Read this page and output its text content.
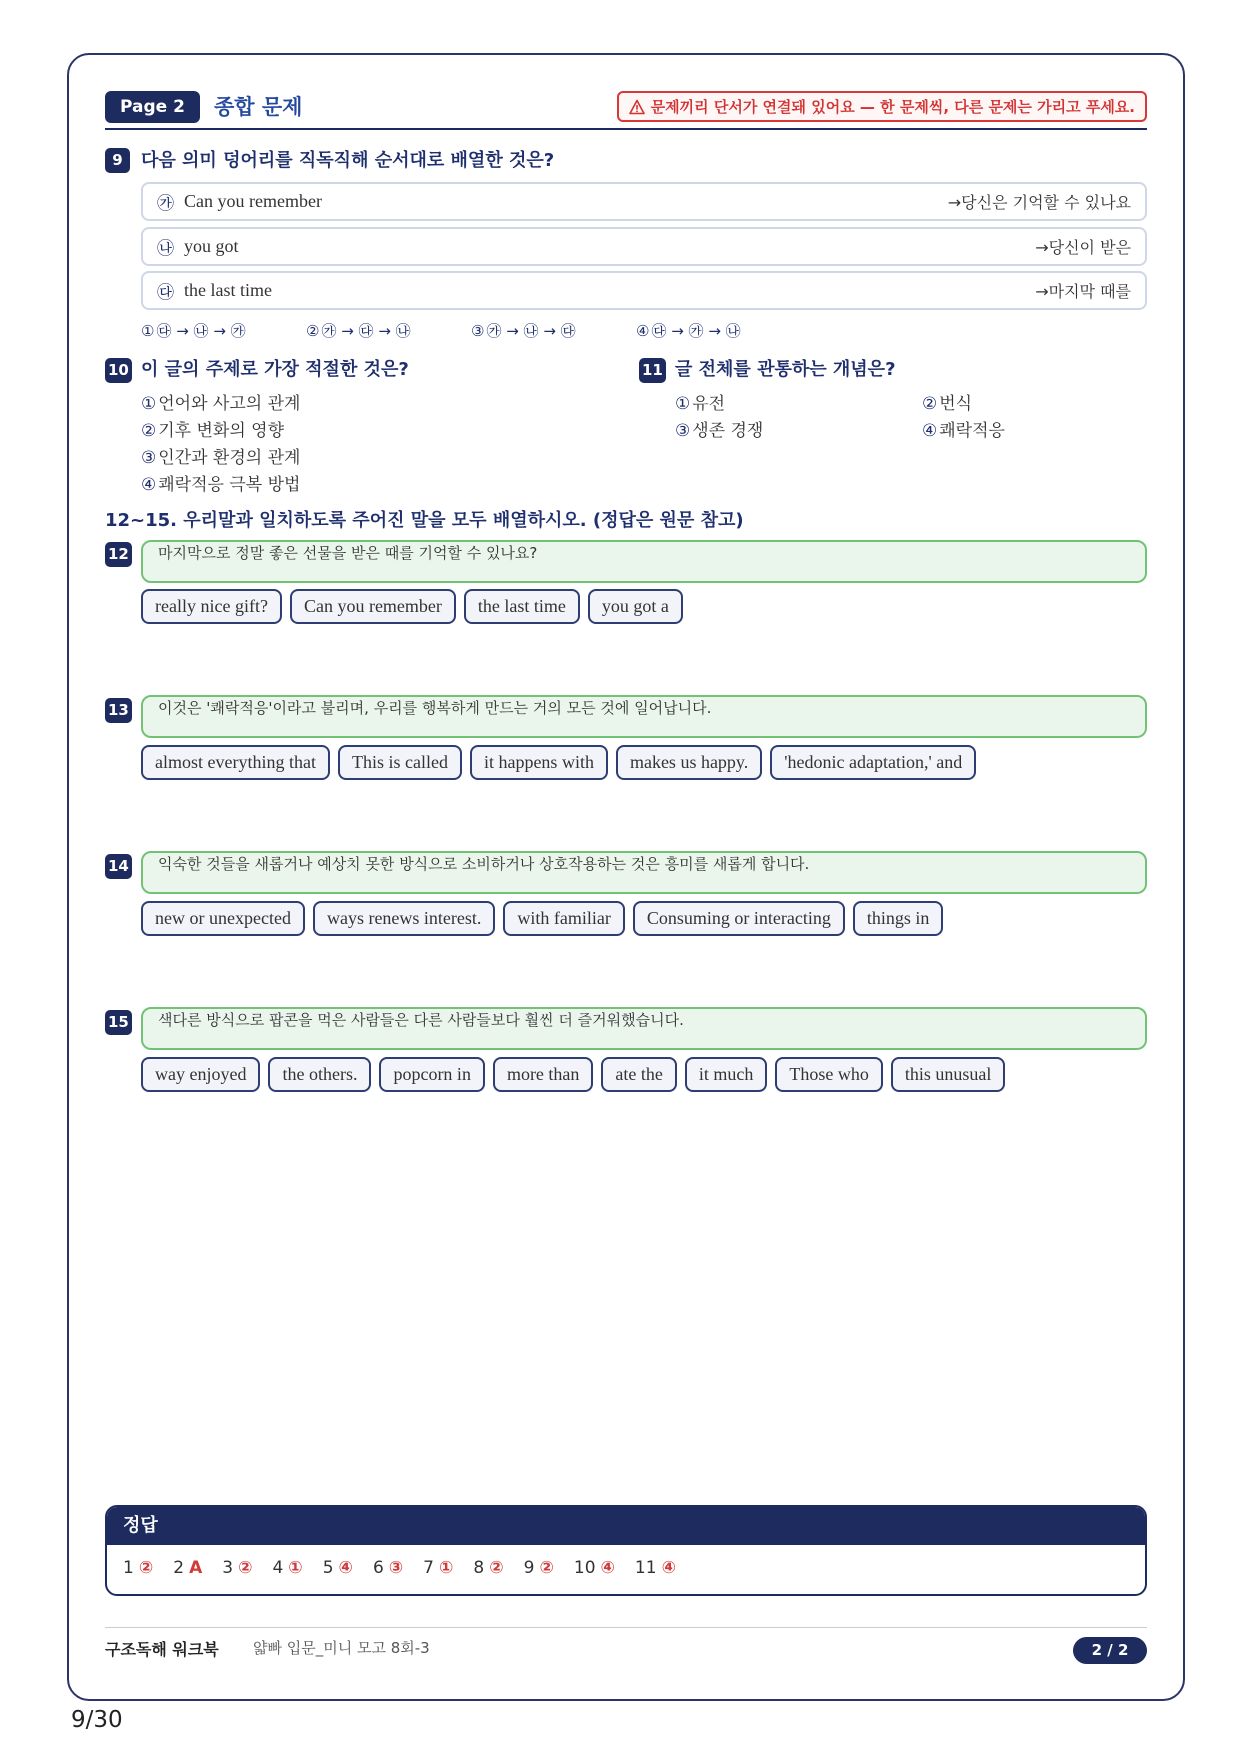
Page 2	종합 문제	문제끼리 단서가 연결돼 있어요 — 한 문제씩, 다른 문제는 가리고 푸세요.
9	다음 의미 덩어리를 직독직해 순서대로 배열한 것은?
㉮ Can you remember	→당신은 기억할 수 있나요
㉯ you got	→당신이 받은
㉰ the last time	→마지막 때를
① ㉰ → ㉯ → ㉮	② ㉮ → ㉰ → ㉯	③ ㉮ → ㉯ → ㉰	④ ㉰ → ㉮ → ㉯
10 이 글의 주제로 가장 적절한 것은?
① 언어와 사고의 관계
② 기후 변화의 영향
③ 인간과 환경의 관계
④ 쾌락적응 극복 방법
11 글 전체를 관통하는 개념은?
① 유전	② 번식
③ 생존 경쟁	④ 쾌락적응
12~15. 우리말과 일치하도록 주어진 말을 모두 배열하시오. (정답은 원문 참고)
12	마지막으로 정말 좋은 선물을 받은 때를 기억할 수 있나요?
really nice gift?	Can you remember	the last time	you got a
13	이것은 '쾌락적응'이라고 불리며, 우리를 행복하게 만드는 거의 모든 것에 일어납니다.
almost everything that	This is called	it happens with	makes us happy.	'hedonic adaptation,' and
14	익숙한 것들을 새롭거나 예상치 못한 방식으로 소비하거나 상호작용하는 것은 흥미를 새롭게 합니다.
new or unexpected	ways renews interest.	with familiar	Consuming or interacting	things in
15	색다른 방식으로 팝콘을 먹은 사람들은 다른 사람들보다 훨씬 더 즐거워했습니다.
way enjoyed	the others.	popcorn in	more than	ate the	it much	Those who	this unusual
정답
1 ② 2 A 3 ② 4 ① 5 ④ 6 ③ 7 ① 8 ② 9 ② 10 ④ 11 ④
구조독해 워크북 얇빠 입문_미니 모고 8회-3	2 / 2
9/30
